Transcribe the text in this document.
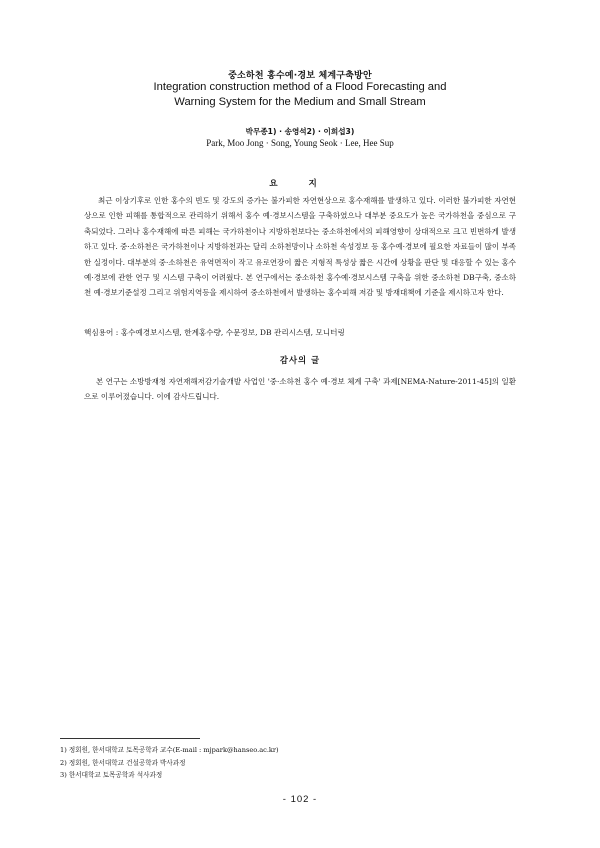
중소하천 홍수예·경보 체계구축방안
Integration construction method of a Flood Forecasting and
Warning System for the Medium and Small Stream
박무종1) · 송영석2) · 이희섭3)
Park, Moo Jong · Song, Young Seok · Lee, Hee Sup
요 지

최근 이상기후로 인한 홍수의 빈도 및 강도의 증가는 불가피한 자연현상으로 홍수재해를 발생하고 있다. 이러한 불가피한 자연현상으로 인한 피해를 통합적으로 관리하기 위해서 홍수 예·경보시스템을 구축하였으나 대부분 중요도가 높은 국가하천을 중심으로 구축되었다. 그러나 홍수재해에 따른 피해는 국가하천이나 지방하천보다는 중소하천에서의 피해영향이 상대적으로 크고 빈번하게 발생하고 있다. 중·소하천은 국가하천이나 지방하천과는 달리 소하천망이나 소하천 속성정보 등 홍수예·경보에 필요한 자료들이 많이 부족한 실정이다. 대부분의 중·소하천은 유역면적이 작고 유로연장이 짧은 지형적 특성상 짧은 시간에 상황을 판단 및 대응할 수 있는 홍수예·경보에 관한 연구 및 시스템 구축이 어려웠다. 본 연구에서는 중소하천 홍수예·경보시스템 구축을 위한 중소하천 DB구축, 중소하천 예·경보기준설정 그리고 위험지역등을 제시하여 중소하천에서 발생하는 홍수피해 저감 및 방재대책에 기준을 제시하고자 한다.

핵심용어 : 홍수예경보시스템, 한계홍수량, 수문정보, DB 관리시스템, 모니터링

감사의 글

본 연구는 소방방재청 자연재해저감기술개발 사업인 '중·소하천 홍수 예·경보 체계 구축' 과제[NEMA-Nature-2011-45]의 일환으로 이루어졌습니다. 이에 감사드립니다.

1) 정회원, 한서대학교 토목공학과 교수(E-mail : mjpark@hanseo.ac.kr)
2) 정회원, 한서대학교 건설공학과 박사과정
3) 한서대학교 토목공학과 석사과정
- 102 -
